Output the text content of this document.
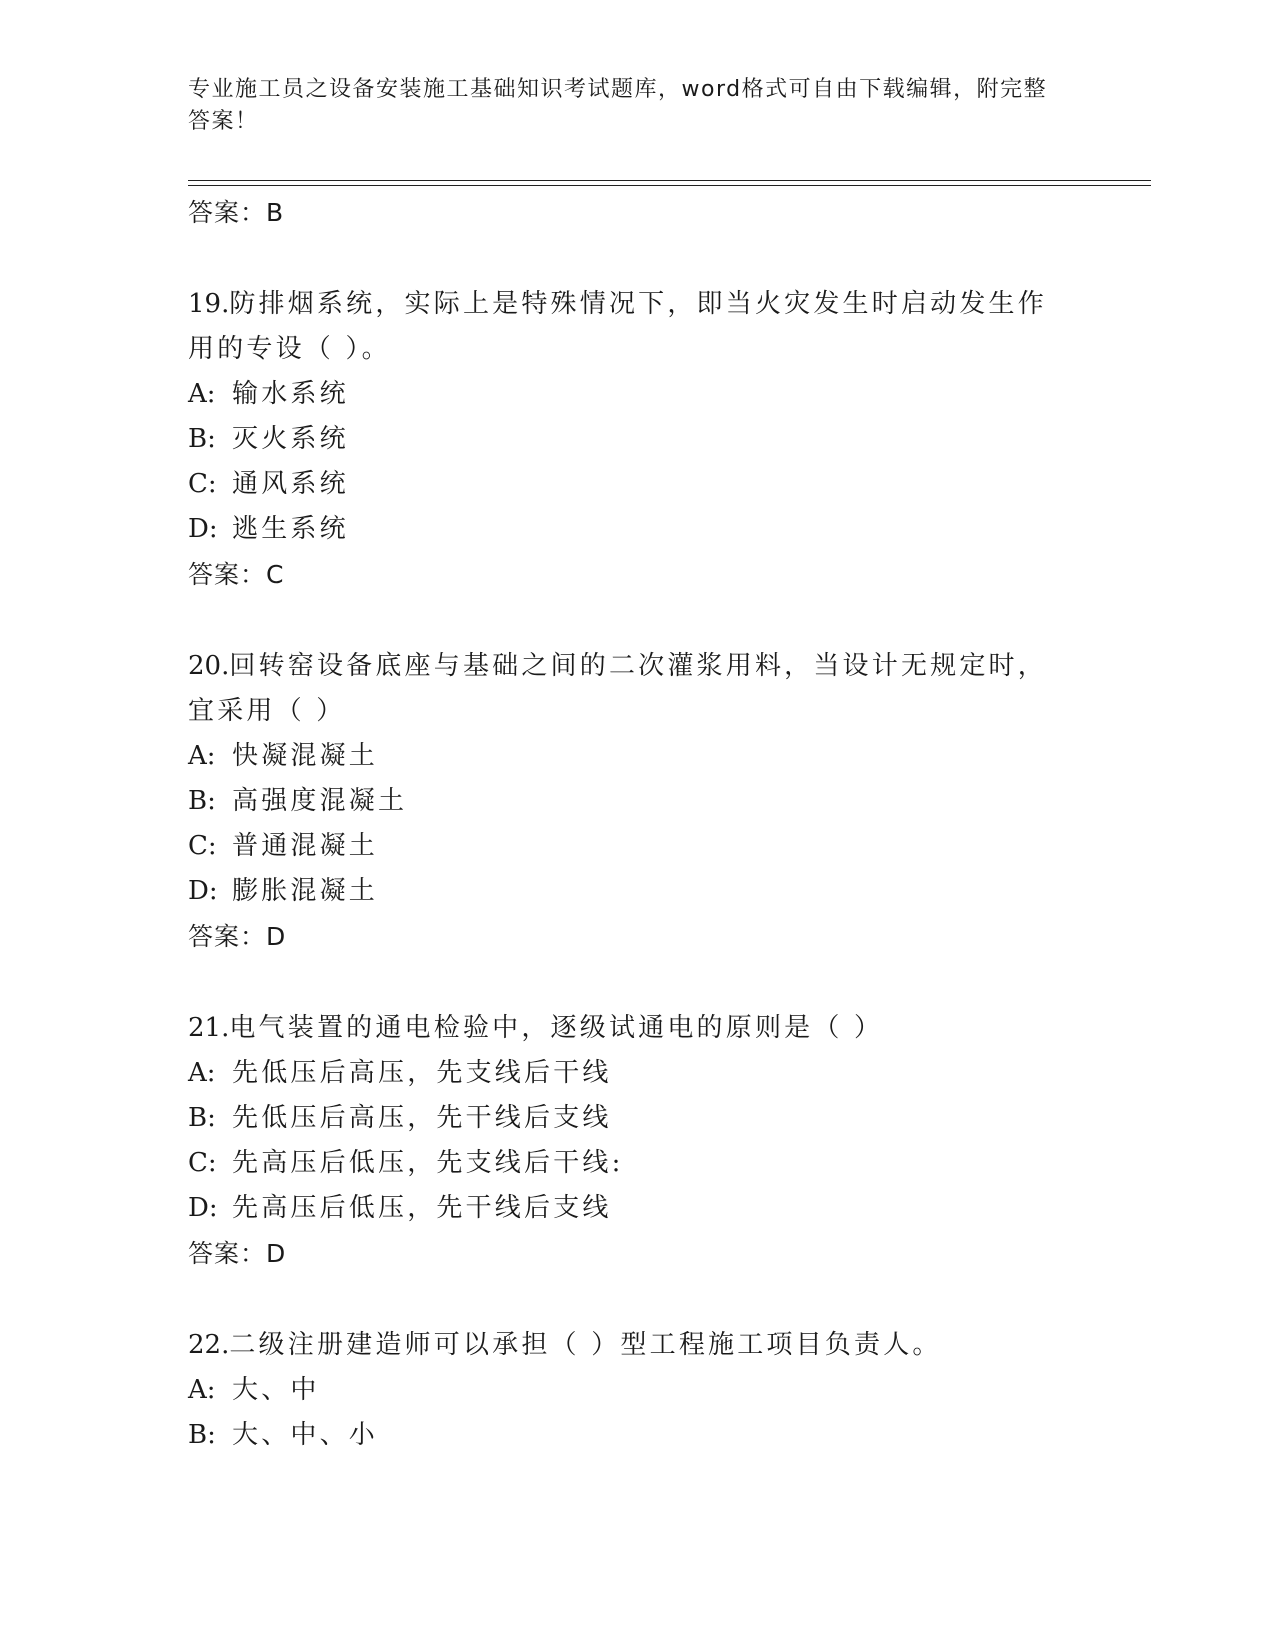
专业施工员之设备安装施工基础知识考试题库，word格式可自由下载编辑，附完整答案！
答案：B
19.防排烟系统，实际上是特殊情况下，即当火灾发生时启动发生作用的专设（ ）。
A: 输水系统
B: 灭火系统
C: 通风系统
D: 逃生系统
答案：C
20.回转窑设备底座与基础之间的二次灌浆用料，当设计无规定时，宜采用（ ）
A: 快凝混凝土
B: 高强度混凝土
C: 普通混凝土
D: 膨胀混凝土
答案：D
21.电气装置的通电检验中，逐级试通电的原则是（ ）
A: 先低压后高压，先支线后干线
B: 先低压后高压，先干线后支线
C: 先高压后低压，先支线后干线:
D: 先高压后低压，先干线后支线
答案：D
22.二级注册建造师可以承担（ ）型工程施工项目负责人。
A: 大、中
B: 大、中、小
